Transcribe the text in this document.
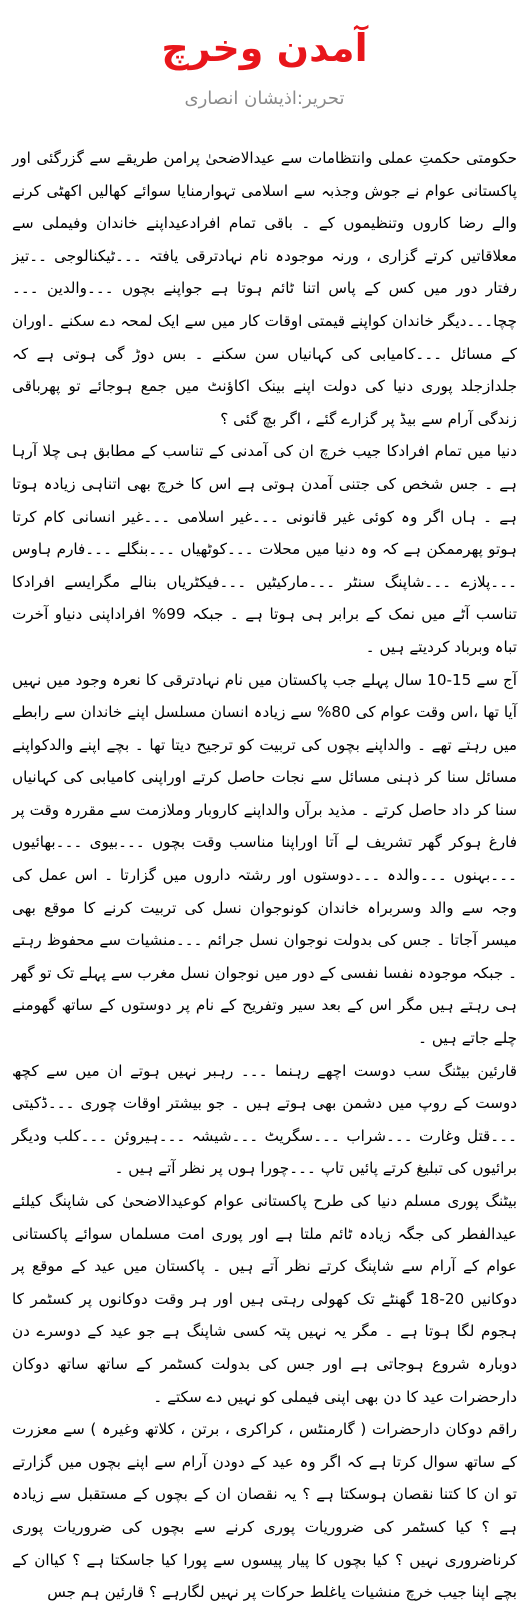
آمدن وخرچ
تحریر:اذیشان انصاری

حکومتی حکمتِ عملی وانتظامات سے عیدالاضحیٰ پرامن طریقے سے گزرگئی اور پاکستانی عوام نے جوش وجذبہ سے اسلامی تہوارمنایا سوائے کھالیں اکھٹی کرنے والے رضا کاروں وتنظیموں کے ۔ باقی تمام افرادعیداپنے خاندان وفیملی سے معلاقاتیں کرتے گزاری ، ورنہ موجودہ نام نہادترقی یافتہ ۔۔۔ٹیکنالوجی ۔۔تیز رفتار دور میں کس کے پاس اتنا ٹائم ہوتا ہے جواپنے بچوں ۔۔۔والدین ۔۔۔چچا۔۔۔دیگر خاندان کواپنے قیمتی اوقات کار میں سے ایک لمحہ دے سکنے ۔اوران کے مسائل ۔۔۔کامیابی کی کہانیاں سن سکنے ۔ بس دوڑ گی ہوتی ہے کہ جلدازجلد پوری دنیا کی دولت اپنے بینک اکاؤنٹ میں جمع ہوجائے تو پھرباقی زندگی آرام سے بیڈ پر گزارے گئے ، اگر بچ گئی ؟

دنیا میں تمام افرادکا جیب خرچ ان کی آمدنی کے تناسب کے مطابق ہی چلا آرہا ہے ۔ جس شخص کی جتنی آمدن ہوتی ہے اس کا خرچ بھی اتناہی زیادہ ہوتا ہے ۔ ہاں اگر وہ کوئی غیر قانونی ۔۔۔غیر اسلامی ۔۔۔غیر انسانی کام کرتا ہوتو پھرممکن ہے کہ وہ دنیا میں محلات ۔۔۔کوٹھیاں ۔۔۔بنگلے ۔۔۔فارم ہاوس ۔۔۔پلازے ۔۔۔شاپنگ سنٹر ۔۔۔مارکیٹیں ۔۔۔فیکٹریاں بنالے مگرایسے افرادکا تناسب آٹے میں نمک کے برابر ہی ہوتا ہے ۔ جبکہ 99% افراداپنی دنیاو آخرت تباہ وبرباد کردیتے ہیں ۔

آج سے 15-10 سال پہلے جب پاکستان میں نام نہادترقی کا نعرہ وجود میں نہیں آیا تھا ،اس وقت عوام کی 80% سے زیادہ انسان مسلسل اپنے خاندان سے رابطے میں رہتے تھے ۔ والداپنے بچوں کی تربیت کو ترجیح دیتا تھا ۔ بچے اپنے والدکواپنے مسائل سنا کر ذہنی مسائل سے نجات حاصل کرتے اوراپنی کامیابی کی کہانیاں سنا کر داد حاصل کرتے ۔ مذید برآں والداپنے کاروبار وملازمت سے مقررہ وقت پر فارغ ہوکر گھر تشریف لے آتا اوراپنا مناسب وقت بچوں ۔۔۔بیوی ۔۔۔بھائیوں ۔۔۔بہنوں ۔۔۔والدہ ۔۔۔دوستوں اور رشتہ داروں میں گزارتا ۔ اس عمل کی وجہ سے والد وسربراہ خاندان کونوجوان نسل کی تربیت کرنے کا موقع بھی میسر آجاتا ۔ جس کی بدولت نوجوان نسل جرائم ۔۔۔منشیات سے محفوظ رہتے ۔ جبکہ موجودہ نفسا نفسی کے دور میں نوجوان نسل مغرب سے پہلے تک تو گھر ہی رہتے ہیں مگر اس کے بعد سیر وتفریح کے نام پر دوستوں کے ساتھ گھومنے چلے جاتے ہیں ۔

قارئین بیٹنگ سب دوست اچھے رہنما ۔۔۔ رہبر نہیں ہوتے ان میں سے کچھ دوست کے روپ میں دشمن بھی ہوتے ہیں ۔ جو بیشتر اوقات چوری ۔۔۔ڈکیتی ۔۔۔قتل وغارت ۔۔۔شراب ۔۔۔سگریٹ ۔۔۔شیشہ ۔۔۔ہیروئن ۔۔۔کلب ودیگر برائیوں کی تبلیغ کرتے پائیں تاپ ۔۔۔چورا ہوں پر نظر آتے ہیں ۔

بیٹنگ پوری مسلم دنیا کی طرح پاکستانی عوام کوعیدالاضحیٰ کی شاپنگ کیلئے عیدالفطر کی جگہ زیادہ ٹائم ملتا ہے اور پوری امت مسلماں سوائے پاکستانی عوام کے آرام سے شاپنگ کرتے نظر آتے ہیں ۔ پاکستان میں عید کے موقع پر دوکانیں 20-18 گھنٹے تک کھولی رہتی ہیں اور ہر وقت دوکانوں پر کسٹمر کا ہجوم لگا ہوتا ہے ۔ مگر یہ نہیں پتہ کسی شاپنگ ہے جو عید کے دوسرے دن دوبارہ شروع ہوجاتی ہے اور جس کی بدولت کسٹمر کے ساتھ ساتھ دوکان دارحضرات عید کا دن بھی اپنی فیملی کو نہیں دے سکتے ۔

راقم دوکان دارحضرات ( گارمنٹس ، کراکری ، برتن ، کلاتھ وغیرہ ) سے معزرت کے ساتھ سوال کرتا ہے کہ اگر وہ عید کے دودن آرام سے اپنے بچوں میں گزارتے تو ان کا کتنا نقصان ہوسکتا ہے ؟ یہ نقصان ان کے بچوں کے مستقبل سے زیادہ ہے ؟ کیا کسٹمر کی ضروریات پوری کرنے سے بچوں کی ضروریات پوری کرناضروری نہیں ؟ کیا بچوں کا پیار پیسوں سے پورا کیا جاسکتا ہے ؟ کیاان کے بچے اپنا جیب خرچ منشیات یاغلط حرکات پر نہیں لگارہے ؟ قارئین ہم جس
